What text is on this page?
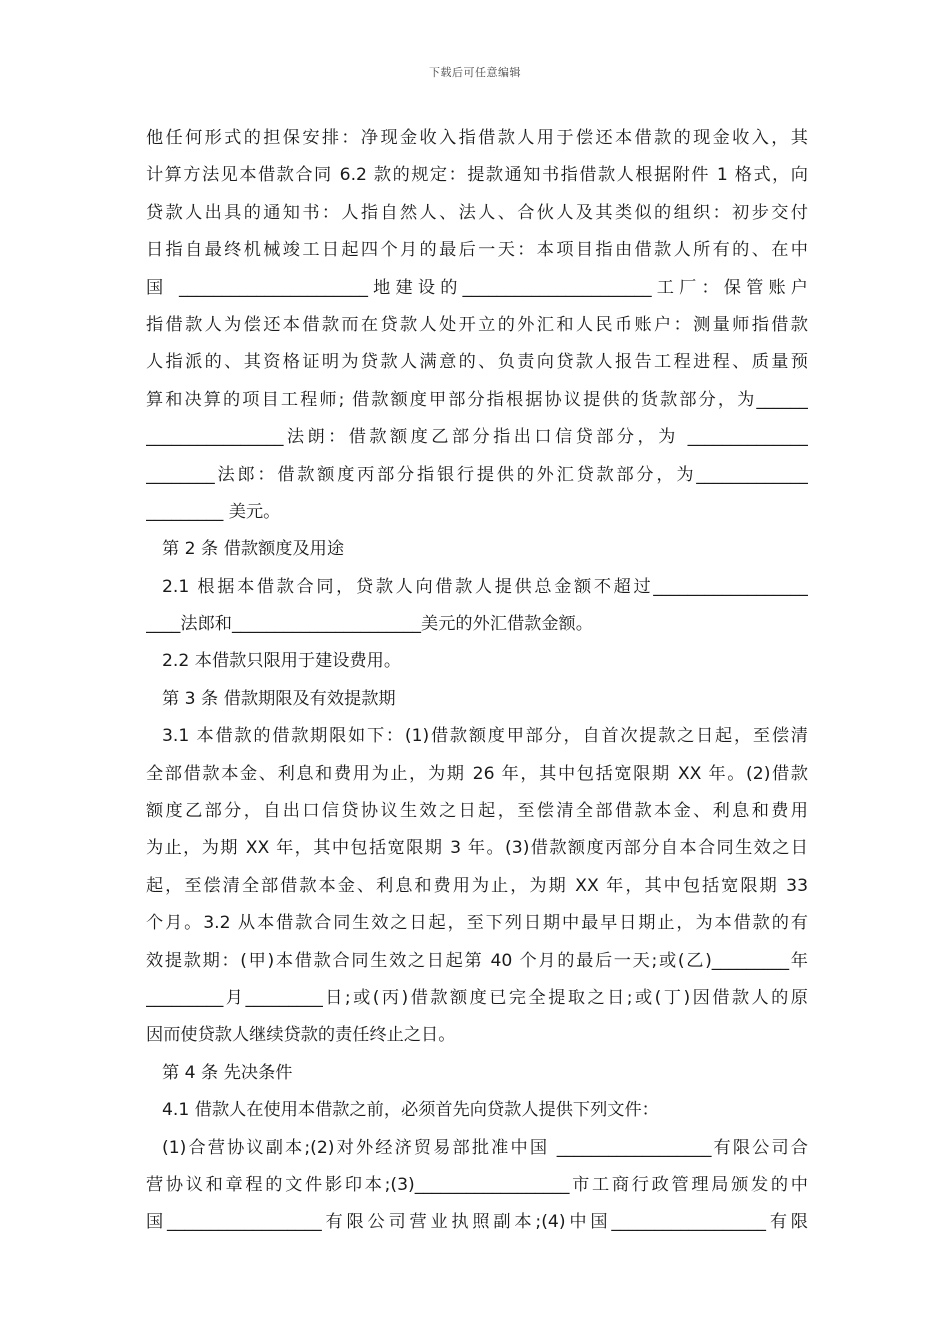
下载后可任意编辑
他任何形式的担保安排：净现金收入指借款人用于偿还本借款的现金收入，其
计算方法见本借款合同 6.2 款的规定：提款通知书指借款人根据附件 1 格式，向
贷款人出具的通知书：人指自然人、法人、合伙人及其类似的组织：初步交付
日指自最终机械竣工日起四个月的最后一天：本项目指由借款人所有的、在中
国 ______________________地建设的______________________工厂：保管账户
指借款人为偿还本借款而在贷款人处开立的外汇和人民币账户：测量师指借款
人指派的、其资格证明为贷款人满意的、负责向贷款人报告工程进程、质量预
算和决算的项目工程师; 借款额度甲部分指根据协议提供的货款部分，为______
________________法朗：借款额度乙部分指出口信贷部分，为 ______________
________法郎：借款额度丙部分指银行提供的外汇贷款部分，为_____________
_________ 美元。
第 2 条 借款额度及用途
2.1 根据本借款合同，贷款人向借款人提供总金额不超过__________________
____法郎和______________________美元的外汇借款金额。
2.2 本借款只限用于建设费用。
第 3 条 借款期限及有效提款期
3.1 本借款的借款期限如下：(1)借款额度甲部分，自首次提款之日起，至偿清
全部借款本金、利息和费用为止，为期 26 年，其中包括宽限期 XX 年。(2)借款
额度乙部分，自出口信贷协议生效之日起，至偿清全部借款本金、利息和费用
为止，为期 XX 年，其中包括宽限期 3 年。(3)借款额度丙部分自本合同生效之日
起，至偿清全部借款本金、利息和费用为止，为期 XX 年，其中包括宽限期 33
个月。3.2 从本借款合同生效之日起，至下列日期中最早日期止，为本借款的有
效提款期：(甲)本借款合同生效之日起第 40 个月的最后一天;或(乙)_________年
_________月_________日;或(丙)借款额度已完全提取之日;或(丁)因借款人的原
因而使贷款人继续贷款的责任终止之日。
第 4 条 先决条件
4.1 借款人在使用本借款之前，必须首先向贷款人提供下列文件：
(1)合营协议副本;(2)对外经济贸易部批准中国 __________________有限公司合
营协议和章程的文件影印本;(3)__________________市工商行政管理局颁发的中
国__________________有限公司营业执照副本;(4)中国__________________有限
